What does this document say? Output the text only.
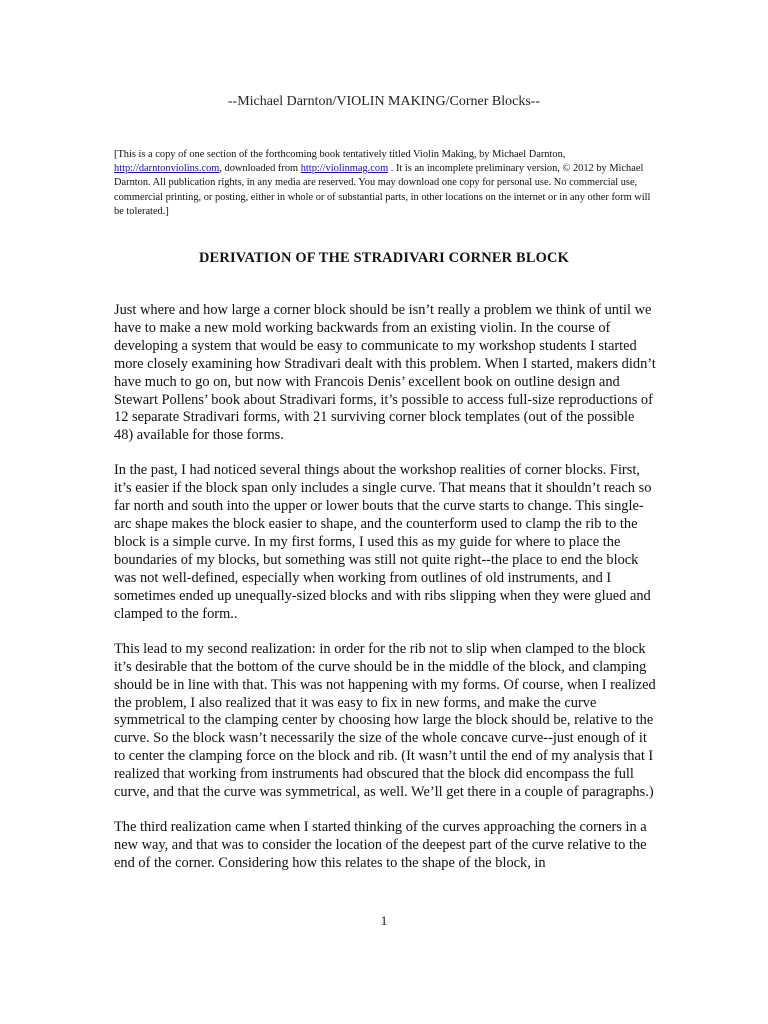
--Michael Darnton/VIOLIN MAKING/Corner Blocks--
[This is a copy of one section of the forthcoming book tentatively titled Violin Making, by Michael Darnton, http://darntonviolins.com, downloaded from http://violinmag.com . It is an incomplete preliminary version, © 2012 by Michael Darnton. All publication rights, in any media are reserved. You may download one copy for personal use. No commercial use, commercial printing, or posting, either in whole or of substantial parts, in other locations on the internet or in any other form will be tolerated.]
DERIVATION OF THE STRADIVARI CORNER BLOCK

Just where and how large a corner block should be isn’t really a problem we think of until we have to make a new mold working backwards from an existing violin. In the course of developing a system that would be easy to communicate to my workshop students I started more closely examining how Stradivari dealt with this problem. When I started, makers didn’t have much to go on, but now with Francois Denis’ excellent book on outline design and Stewart Pollens’ book about Stradivari forms, it’s possible to access full-size reproductions of 12 separate Stradivari forms, with 21 surviving corner block templates (out of the possible 48) available for those forms.

In the past, I had noticed several things about the workshop realities of corner blocks. First, it’s easier if the block span only includes a single curve. That means that it shouldn’t reach so far north and south into the upper or lower bouts that the curve starts to change. This single-arc shape makes the block easier to shape, and the counterform used to clamp the rib to the block is a simple curve. In my first forms, I used this as my guide for where to place the boundaries of my blocks, but something was still not quite right--the place to end the block was not well-defined, especially when working from outlines of old instruments, and I sometimes ended up unequally-sized blocks and with ribs slipping when they were glued and clamped to the form..

This lead to my second realization: in order for the rib not to slip when clamped to the block it’s desirable that the bottom of the curve should be in the middle of the block, and clamping should be in line with that. This was not happening with my forms. Of course, when I realized the problem, I also realized that it was easy to fix in new forms, and make the curve symmetrical to the clamping center by choosing how large the block should be, relative to the curve. So the block wasn’t necessarily the size of the whole concave curve--just enough of it to center the clamping force on the block and rib. (It wasn’t until the end of my analysis that I realized that working from instruments had obscured that the block did encompass the full curve, and that the curve was symmetrical, as well. We’ll get there in a couple of paragraphs.)

The third realization came when I started thinking of the curves approaching the corners in a new way, and that was to consider the location of the deepest part of the curve relative to the end of the corner. Considering how this relates to the shape of the block, in

1
